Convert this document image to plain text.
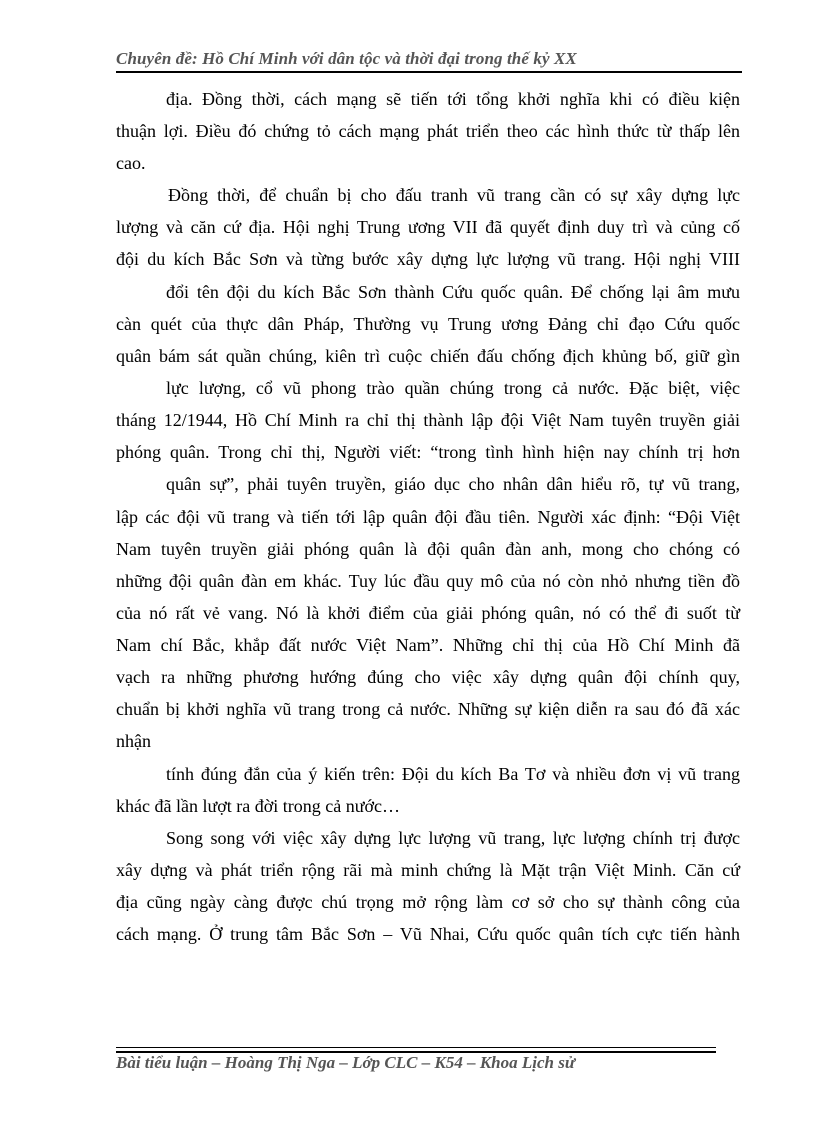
Chuyên đề: Hồ Chí Minh với dân tộc và thời đại trong thế kỷ XX
địa. Đồng thời, cách mạng sẽ tiến tới tổng khởi nghĩa khi có điều kiện
thuận lợi. Điều đó chứng tỏ cách mạng phát triển theo các hình thức từ thấp lên
cao.
Đồng thời, để chuẩn bị cho đấu tranh vũ trang cần có sự xây dựng lực
lượng và căn cứ địa. Hội nghị Trung ương VII đã quyết định duy trì và củng cố
đội du kích Bắc Sơn và từng bước xây dựng lực lượng vũ trang. Hội nghị VIII
đổi tên đội du kích Bắc Sơn thành Cứu quốc quân. Để chống lại âm mưu
càn quét của thực dân Pháp, Thường vụ Trung ương Đảng chỉ đạo Cứu quốc
quân bám sát quần chúng, kiên trì cuộc chiến đấu chống địch khủng bố, giữ gìn
lực lượng, cổ vũ phong trào quần chúng trong cả nước. Đặc biệt, việc
tháng 12/1944, Hồ Chí Minh ra chỉ thị thành lập đội Việt Nam tuyên truyền giải
phóng quân. Trong chỉ thị, Người viết: “trong tình hình hiện nay chính trị hơn
quân sự”, phải tuyên truyền, giáo dục cho nhân dân hiểu rõ, tự vũ trang,
lập các đội vũ trang và tiến tới lập quân đội đầu tiên. Người xác định: “Đội Việt
Nam tuyên truyền giải phóng quân là đội quân đàn anh, mong cho chóng có
những đội quân đàn em khác. Tuy lúc đầu quy mô của nó còn nhỏ nhưng tiền đồ
của nó rất vẻ vang. Nó là khởi điểm của giải phóng quân, nó có thể đi suốt từ
Nam chí Bắc, khắp đất nước Việt Nam”. Những chỉ thị của Hồ Chí Minh đã
vạch ra những phương hướng đúng cho việc xây dựng quân đội chính quy,
chuẩn bị khởi nghĩa vũ trang trong cả nước. Những sự kiện diễn ra sau đó đã xác
nhận
tính đúng đắn của ý kiến trên: Đội du kích Ba Tơ và nhiều đơn vị vũ trang
khác đã lần lượt ra đời trong cả nước…
Song song với việc xây dựng lực lượng vũ trang, lực lượng chính trị được
xây dựng và phát triển rộng rãi mà minh chứng là Mặt trận Việt Minh. Căn cứ
địa cũng ngày càng được chú trọng mở rộng làm cơ sở cho sự thành công của
cách mạng. Ở trung tâm Bắc Sơn – Vũ Nhai, Cứu quốc quân tích cực tiến hành
Bài tiểu luận – Hoàng Thị Nga – Lớp CLC – K54 – Khoa Lịch sử
